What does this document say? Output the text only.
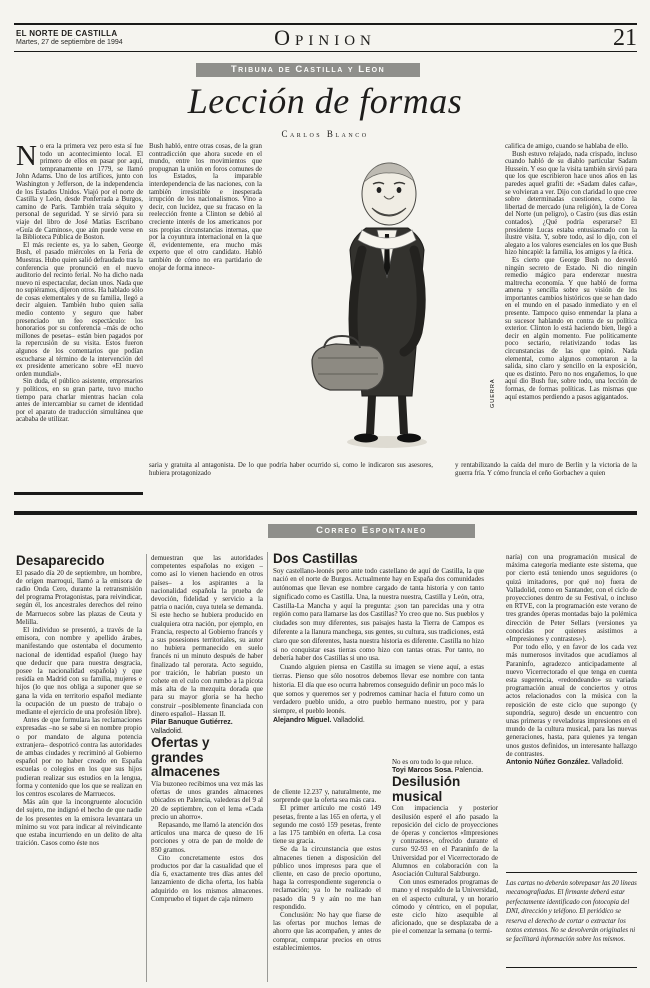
EL NORTE DE CASTILLA
Martes, 27 de septiembre de 1994	Opinion	21
Tribuna de Castilla y Leon
Lección de formas
Carlos Blanco

No era la primera vez pero esta sí fue todo un acontecimiento local. El primero de ellos en pasar por aquí, tempranamente en 1779, se llamó John Adams. Uno de los artífices, junto con Washington y Jefferson, de la independencia de los Estados Unidos. Viajó por el norte de Castilla y León, desde Ponferrada a Burgos, camino de París. También traía séquito y personal de seguridad. Y se sirvió para su viaje del libro de José Matías Escribano «Guía de Caminos», que aún puede verse en la Biblioteca Pública de Boston.

El más reciente es, ya lo saben, George Bush, el pasado miércoles en la Feria de Muestras. Hubo quien salió defraudado tras la conferencia que pronunció en el nuevo auditorio del recinto ferial. No ha dicho nada nuevo ni espectacular, decían unos. Nada que no supiéramos, dijeron otros. Ha hablado sólo de cosas elementales y de su familia, llegó a decir alguien. También hubo quien salía medio contento y seguro que haber presenciado un feo espectáculo: los honorarios por su conferencia –más de ocho millones de pesetas– están bien pagados por la repercusión de su visita. Estos fueron algunos de los comentarios que podían escucharse al término de la intervención del ex presidente americano sobre «El nuevo orden mundial».

Sin duda, el público asistente, empresarios y políticos, en su gran parte, tuvo mucho tiempo para charlar mientras hacían cola antes de intercambiar su carnet de identidad por el aparato de traducción simultánea que acababa de utilizar.

Bush habló, entre otras cosas, de la gran contradicción que ahora sucede en el mundo, entre los movimientos que propugnan la unión en foros comunes de los Estados, la imparable interdependencia de las naciones, con la también irresistible e inesperada irrupción de los nacionalismos. Vino a decir, con lucidez, que su fracaso en la reelección frente a Clinton se debió al creciente interés de los americanos por sus propias circunstancias internas, que por la coyuntura internacional en la que él, evidentemente, era mucho más experto que el otro candidato. Habló también de cómo no era partidario de enojar de forma innece-

GUERRA
saria y gratuita al antagonista. De lo que podría haber ocurrido si, como le indicaron sus asesores, hubiera protagonizado
y rentabilizando la caída del muro de Berlín y la victoria de la guerra fría. Y cómo fruncía el ceño Gorbachev a quien

califica de amigo, cuando se hablaba de ello.

Bush estuvo relajado, nada crispado, incluso cuando habló de su diablo particular Sadam Hussein. Y eso que la visita también sirvió para que los que escribieron hace unos años en las paredes aquel grafiti de: «Sadam dales caña», se volvieran a ver. Dijo con claridad lo que cree sobre determinadas cuestiones, como la libertad de mercado (una religión), la de Corea del Norte (un peligro), o Castro (sus días están contados). ¿Qué podría esperarse? El presidente Lucas estaba entusiasmado con la ilustre visita. Y, sobre todo, así lo dijo, con el alegato a los valores esenciales en los que Bush hizo hincapié: la familia, los amigos y la ética.

Es cierto que George Bush no desveló ningún secreto de Estado. Ni dio ningún remedio mágico para enderezar nuestra maltrecha economía. Y que habló de forma amena y sencilla sobre su visión de los importantes cambios históricos que se han dado en el mundo en el pasado inmediato y en el presente. Tampoco quiso enmendar la plana a su sucesor hablando en contra de su política exterior. Clinton lo está haciendo bien, llegó a decir en algún momento. Fue políticamente poco sectario, relativizando todas las circunstancias de las que opinó. Nada elemental, como algunos comentaron a la salida, sino claro y sencillo en la exposición, que es distinto. Pero no nos engañemos, lo que aquí dio Bush fue, sobre todo, una lección de formas, de formas políticas. Las mismas que aquí estamos perdiendo a pasos agigantados.

Correo Espontaneo

Desaparecido

El pasado día 20 de septiembre, un hombre, de origen marroquí, llamó a la emisora de radio Onda Cero, durante la retransmisión del programa Protagonistas, para reivindicar, según él, los ancestrales derechos del reino de Marruecos sobre las plazas de Ceuta y Melilla.

El individuo se presentó, a través de la emisora, con nombre y apellido árabes, manifestando que ostentaba el documento nacional de identidad español (luego hay que deducir que para nuestra desgracia, posee la nacionalidad española) y que residía en Madrid con su familia, mujeres e hijos (lo que nos obliga a suponer que se gana la vida en territorio español mediante la ocupación de un puesto de trabajo o mediante el ejercicio de una profesión libre).

Antes de que formulara las reclamaciones expresadas –no se sabe si en nombre propio o por mandato de alguna potencia extranjera– despotricó contra las autoridades de ambas ciudades y recriminó al Gobierno español por no haber creado en España escuelas o colegios en los que sus hijos pudieran realizar sus estudios en la lengua, forma y contenido que los que se realizan en los centros escolares de Marruecos.

Más aún que la incongruente alocución del sujeto, me indignó el hecho de que nadie de los presentes en la emisora levantara un mínimo su voz para indicar al reivindicante que estaba incurriendo en un delito de alta traición. Casos como éste nos

demuestran que las autoridades competentes españolas no exigen –como así lo vienen haciendo en otros países– a los aspirantes a la nacionalidad española la prueba de devoción, fidelidad y servicio a la patria o nación, cuya tutela se demanda. Si este hecho se hubiera producido en cualquiera otra nación, por ejemplo, en Francia, respecto al Gobierno francés y a sus posesiones territoriales, su autor no hubiera permanecido en suelo francés ni un minuto después de haber finalizado tal perorata. Acto seguido, por traición, le habrían puesto un cohete en el culo con rumbo a la picota más alta de la mezquita dorada que para su mayor gloria se ha hecho construir –posiblemente financiada con dinero español– Hassan II.

Pilar Banuque Gutiérrez. Valladolid.

Ofertas y grandes almacenes

Vía buzoneo recibimos una vez más las ofertas de unos grandes almacenes ubicados en Palencia, valederas del 9 al 20 de septiembre, con el lema «Cada precio un ahorro».

Repasando, me llamó la atención dos artículos una marca de queso de 16 porciones y otra de pan de molde de 850 gramos.

Cito concretamente estos dos productos por dar la casualidad que el día 6, exactamente tres días antes del lanzamiento de dicha oferta, los había adquirido en los mismos almacenes. Compruebo el tiquet de caja número

Dos Castillas

Soy castellano-leonés pero ante todo castellano de aquí de Castilla, la que nació en el norte de Burgos. Actualmente hay en España dos comunidades autónomas que llevan ese nombre cargado de tanta historia y con tanto significado como es Castilla. Una, la nuestra nuestra, Castilla y León, otra, Castilla-La Mancha y aquí la pregunta: ¿son tan parecidas una y otra región como para llamarse las dos Castillas? Yo creo que no. Sus pueblos y ciudades son muy diferentes, sus paisajes hasta la Tierra de Campos es diferente a la llanura manchega, sus gentes, su cultura, sus tradiciones, está claro que son diferentes, hasta nuestra historia es diferente. Castilla no hizo si no conquistar esas tierras como hizo con tantas otras. Por tanto, no debería haber dos Castillas si uno usa.

Cuando alguien piensa en Castilla su imagen se viene aquí, a estas tierras. Pienso que sólo nosotros debemos llevar ese nombre con tanta historia. El día que eso ocurra habremos conseguido definir un poco más lo que somos y queremos ser y podremos caminar hacia el futuro como un verdadero pueblo unido, a otro pueblo hermano nuestro, por y para siempre, el pueblo leonés.

Alejandro Miguel. Valladolid.

de cliente 12.237 y, naturalmente, me sorprende que la oferta sea más cara.

El primer artículo me costó 149 pesetas, frente a las 165 en oferta, y el segundo me costó 159 pesetas, frente a las 175 también en oferta. La cosa tiene su gracia.

Se da la circunstancia que estos almacenes tienen a disposición del público unos impresos para que el cliente, en caso de precio oportuno, haga la correspondiente sugerencia o reclamación; ya lo he realizado el pasado día 9 y aún no me han respondido.

Conclusión: No hay que fiarse de las ofertas por muchos lemas de ahorro que las acompañen, y antes de comprar, comparar precios en otros establecimientos.

No es oro todo lo que reluce.

Toyi Marcos Sosa. Palencia.

Desilusión musical

Con impaciencia y posterior desilusión esperé el año pasado la reposición del ciclo de proyecciones de óperas y conciertos «Impresiones y contrastes», ofrecido durante el curso 92-93 en el Paraninfo de la Universidad por el Vicerrectorado de Alumnos en colaboración con la Asociación Cultural Salzburgo.

Con unos esmerados programas de mano y el respaldo de la Universidad, en el aspecto cultural, y un horario cómodo y céntrico, en el popular, este ciclo hizo asequible al aficionado, que se desplazaba de a pie el comenzar la semana (o termi-

naría) con una programación musical de máxima categoría mediante este sistema, que por cierto está teniendo unos seguidores (o quizá imitadores, por qué no) fuera de Valladolid, como en Santander, con el ciclo de proyecciones dentro de su Festival, o incluso en RTVE, con la programación este verano de tres grandes óperas montadas bajo la polémica dirección de Peter Sellars (versiones ya conocidas por quienes asistimos a «Impresiones y contrastes»).

Por todo ello, y en favor de los cada vez más numerosos invitados que acudíamos al Paraninfo, agradezco anticipadamente al nuevo Vicerrectorado el que tenga en cuenta esta sugerencia, «redondeando» su variada programación anual de conciertos y otros actos relacionados con la música con la reposición de este ciclo que supongo (y supondría, seguro) desde un encuentro con unas primeras y reveladoras impresiones en el mundo de la cultura musical, para las nuevas generaciones, hasta, para quienes ya tengan unos gustos definidos, un interesante hallazgo de contrastes.

Antonio Núñez González. Valladolid.

Las cartas no deberán sobrepasar las 20 líneas mecanografiadas. El firmante deberá estar perfectamente identificado con fotocopia del DNI, dirección y teléfono. El periódico se reserva el derecho de cortar o extractar los textos extensos. No se devolverán originales ni se facilitará información sobre los mismos.
